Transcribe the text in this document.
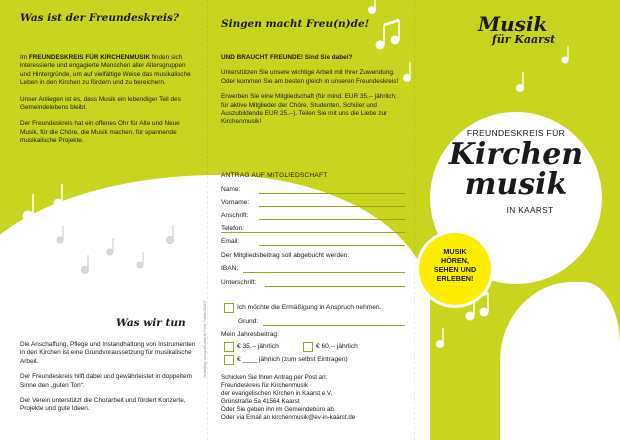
Was ist der Freundeskreis?

Im FREUNDESKREIS FÜR KIRCHENMUSIK finden sich interessierte und engagierte Menschen aller Altersgruppen und Hintergründe, um auf vielfältige Weise das musikalische Leben in den Kirchen zu fördern und zu bereichern.

Unser Anliegen ist es, dass Musik ein lebendiger Teil des Gemeindelebens bleibt.

Der Freundeskreis hat ein offenes Ohr für Alte und Neue Musik, für die Chöre, die Musik machen, für spannende musikalische Projekte.

Was wir tun

Die Anschaffung, Pflege und Instandhaltung von Instrumenten in den Kirchen ist eine Grundvoraussetzung für musikalische Arbeit.

Der Freundeskreis hilft dabei und gewährleistet in doppeltem Sinne den „guten Ton“.

Der Verein unterstützt die Chorarbeit und fördert Konzerte, Projekte und gute Ideen.

Singen macht Freu(n)de!

UND BRAUCHT FREUNDE! Sind Sie dabei?

Unterstützen Sie unsere wichtige Arbeit mit Ihrer Zuwendung. Oder kommen Sie am besten gleich in unseren Freundeskreis!

Erwerben Sie eine Mitgliedschaft (für mind. EUR 35,-- jährlich; für aktive Mitglieder der Chöre, Studenten, Schüler und Auszubildende EUR 25,--). Teilen Sie mit uns die Liebe zur Kirchenmusik!

ANTRAG AUF MITGLIEDSCHAFT
Name:
Vorname:
Anschrift:
Telefon:
Email:
Der Mitgliedsbeitrag soll abgebucht werden:
IBAN:
Unterschrift:
Ich möchte die Ermäßigung in Anspruch nehmen.
Grund:
Mein Jahresbeitrag:
€ 35,-- jährlich	€ 60,-- jährlich
€ ____ jährlich (zum selbst Eintragen)
Schicken Sie Ihren Antrag per Post an:
Freundeskreis für Kirchenmusik
der evangelischen Kirchen in Kaarst e.V.
Grünstraße 5a 41564 Kaarst
Oder Sie geben ihn im Gemeindebüro ab.
Oder via Email an kirchenmusik@ev-in-kaarst.de
Gestaltung: www.grafik-dietz.de Fotos: Fotolia 2016/17
Musik
für Kaarst
FREUNDESKREIS FÜR
Kirchen
musik
IN KAARST
MUSIK
HÖREN,
SEHEN UND
ERLEBEN!
